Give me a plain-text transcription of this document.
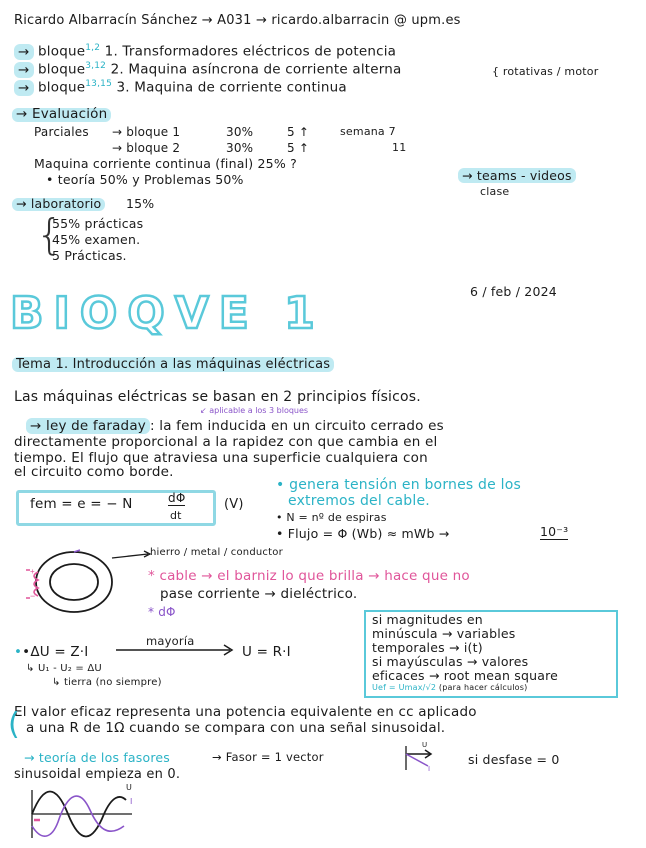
Ricardo Albarracín Sánchez → A031 → ricardo.albarracin @ upm.es
→ bloque$^{1,2}$ 1. Transformadores eléctricos de potencia
→ bloque$^{3,12}$ 2. Maquina asíncrona de corriente alterna
→ bloque$^{13,15}$ 3. Maquina de corriente continua
{ rotativas / motor
→ Evaluación
Parciales → bloque 1	30%	5 ↑	semana 7
→ bloque 2	30%	5 ↑	11
Maquina corriente continua (final) 25% ?
• teoría 50% y Problemas 50%	→ teams - videos
clase
→ laboratorio	15%
{
55% prácticas
45% examen.
5 Prácticas.
6 / feb / 2024
BIOQVE 1
Tema 1. Introducción a las máquinas eléctricas
Las máquinas eléctricas se basan en 2 principios físicos.
↙ aplicable a los 3 bloques
→ ley de faraday : la fem inducida en un circuito cerrado es
directamente proporcional a la rapidez con que cambia en el
tiempo. El flujo que atraviesa una superficie cualquiera con
el circuito como borde.
fem = e = − N	dΦ
dt
(V)
• genera tensión en bornes de los
extremos del cable.
• N = nº de espiras
• Flujo = Φ (Wb) ≈ mWb →	10⁻³
+
−
hierro / metal / conductor
* cable → el barniz lo que brilla → hace que no
pase corriente → dieléctrico.
* dΦ
••ΔU = Z·I
mayoría
U = R·I
↳ U₁ - U₂ = ΔU
↳ tierra (no siempre)
si magnitudes en
minúscula → variables
temporales → i(t)
si mayúsculas → valores
eficaces → root mean square
Uef = Umax/√2 (para hacer cálculos)
El valor eficaz representa una potencia equivalente en cc aplicado
( a una R de 1Ω cuando se compara con una señal sinusoidal.
→ teoría de los fasores	→ Fasor = 1 vector
U
I
si desfase = 0
sinusoidal empieza en 0.
U
I
